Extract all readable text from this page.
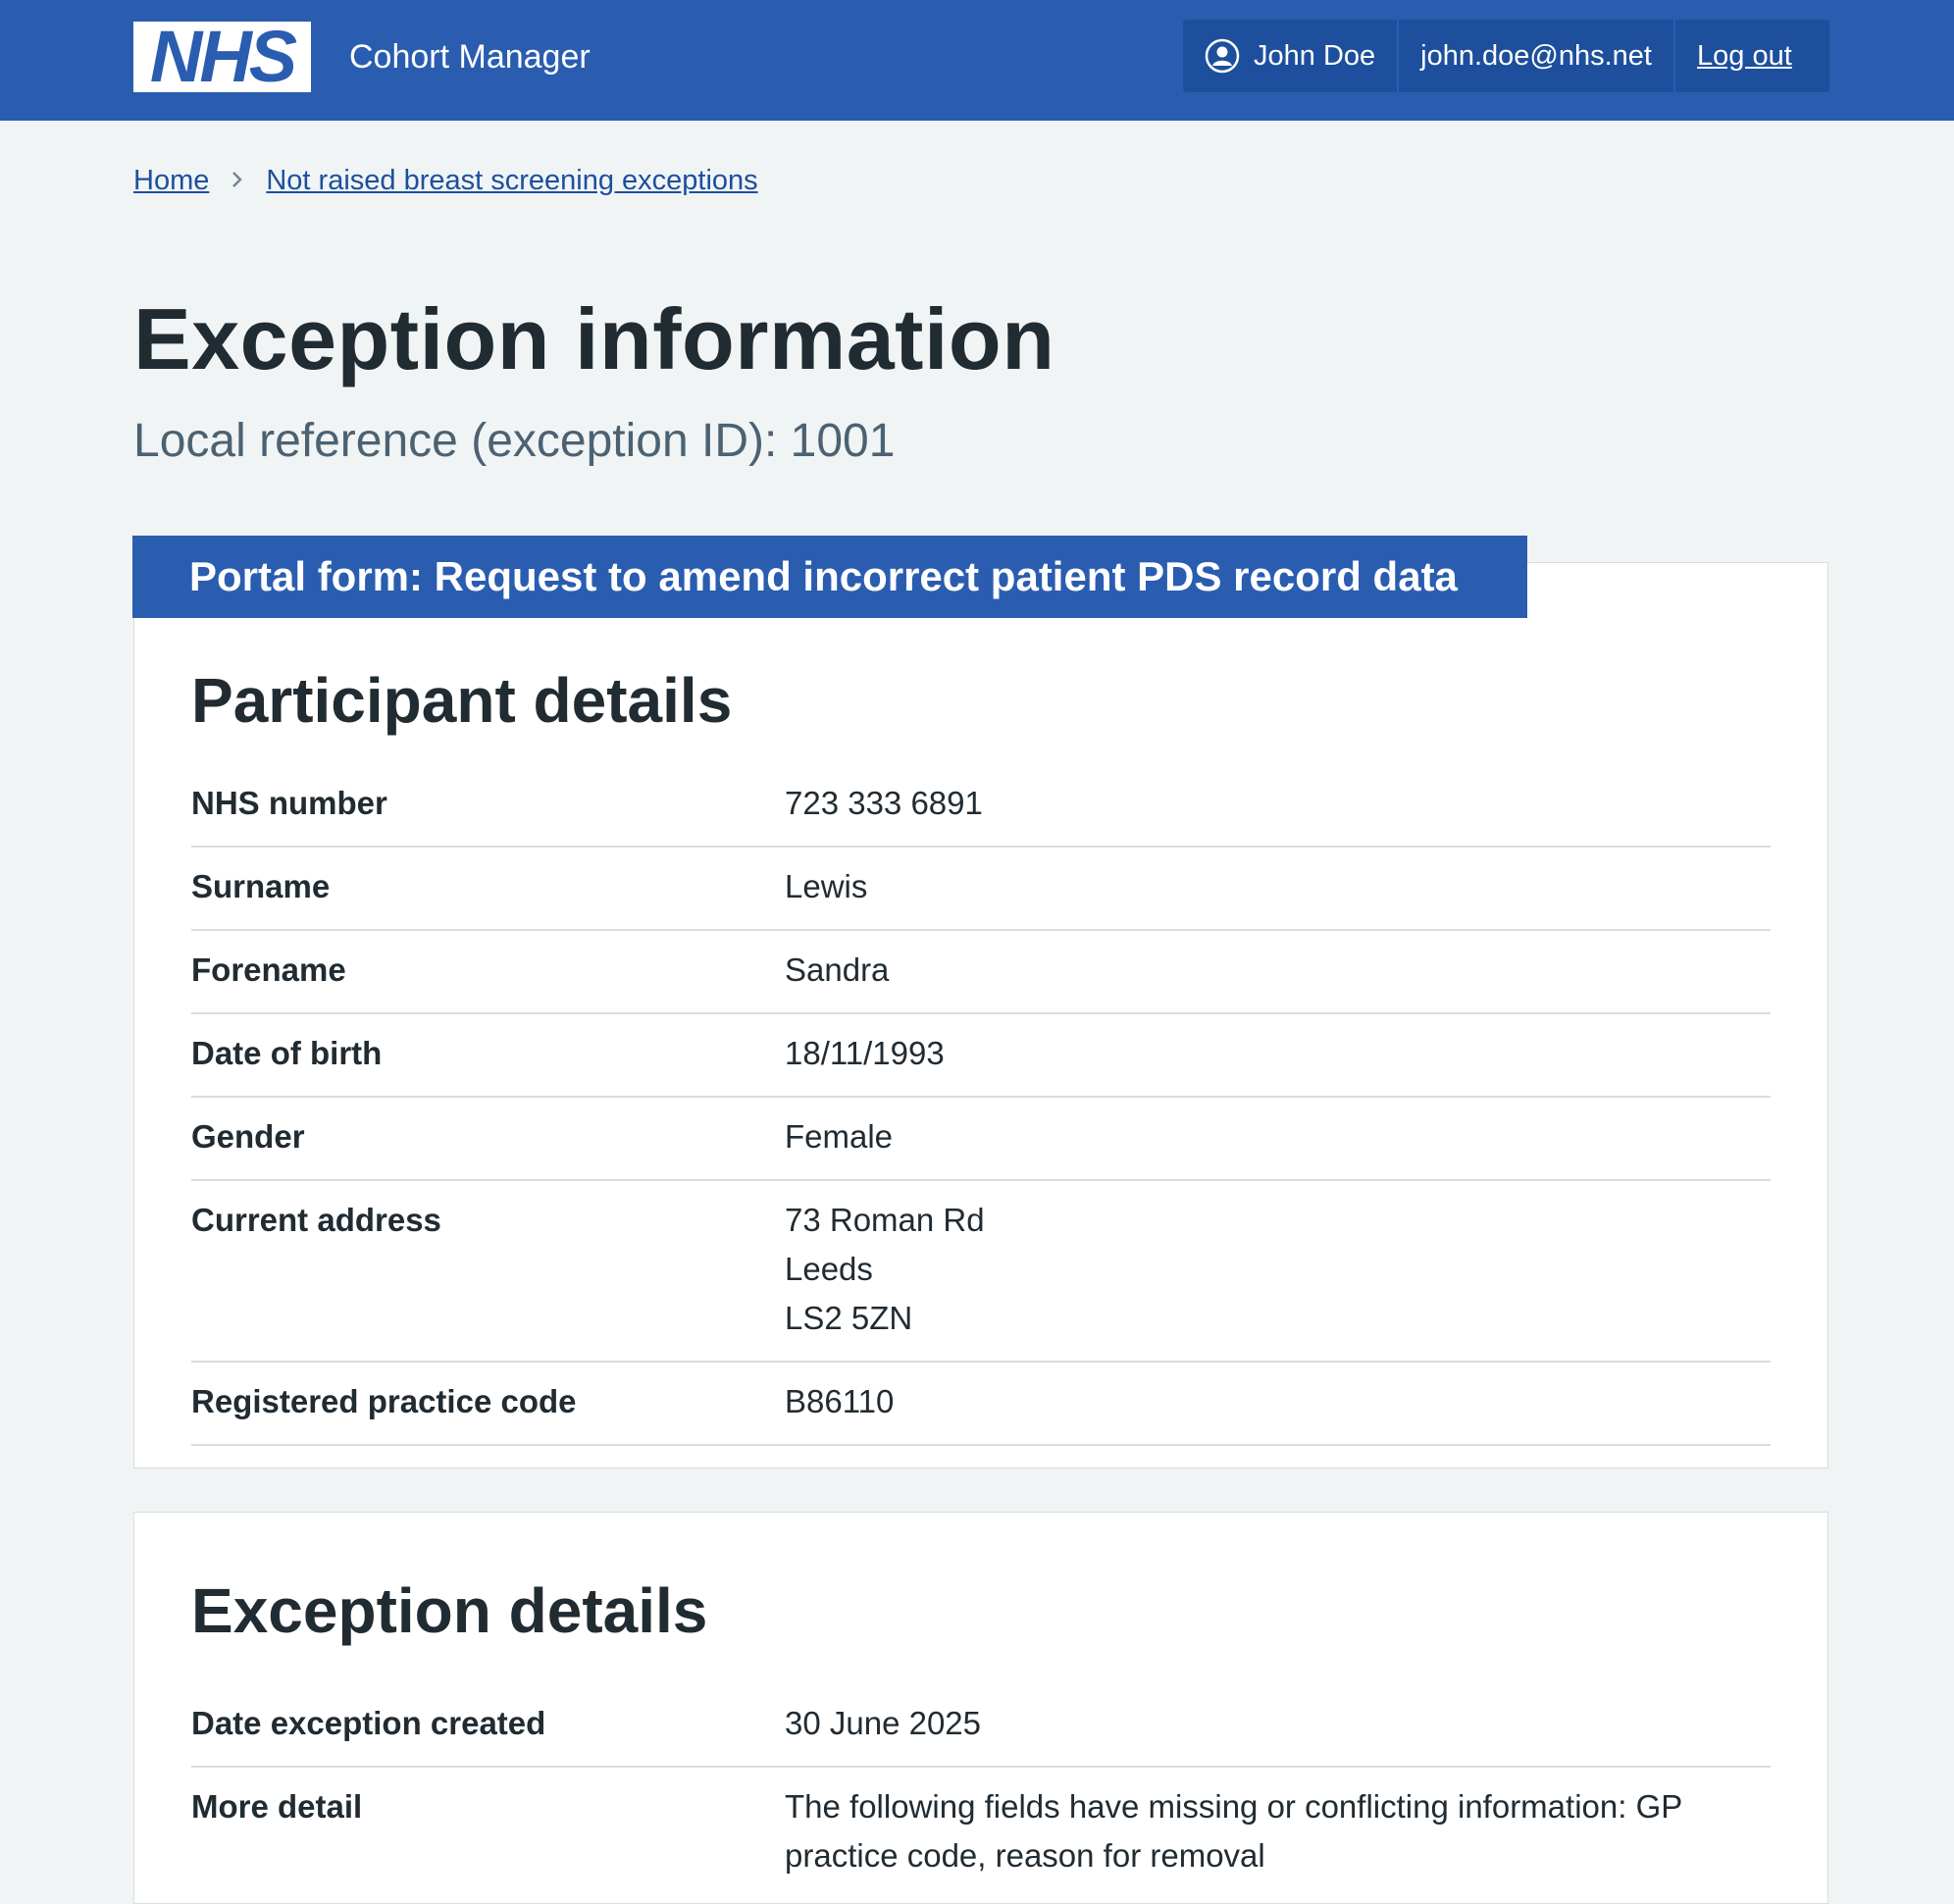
NHS Cohort Manager	John Doe	john.doe@nhs.net	Log out
Home Not raised breast screening exceptions
Exception information
Local reference (exception ID): 1001
Participant details
NHS number	723 333 6891
Surname	Lewis
Forename	Sandra
Date of birth	18/11/1993
Gender	Female
Current address	73 Roman Rd
Leeds
LS2 5ZN
Registered practice code	B86110
Portal form: Request to amend incorrect patient PDS record data
Exception details
Date exception created	30 June 2025
More detail	The following fields have missing or conflicting information: GP practice code, reason for removal
